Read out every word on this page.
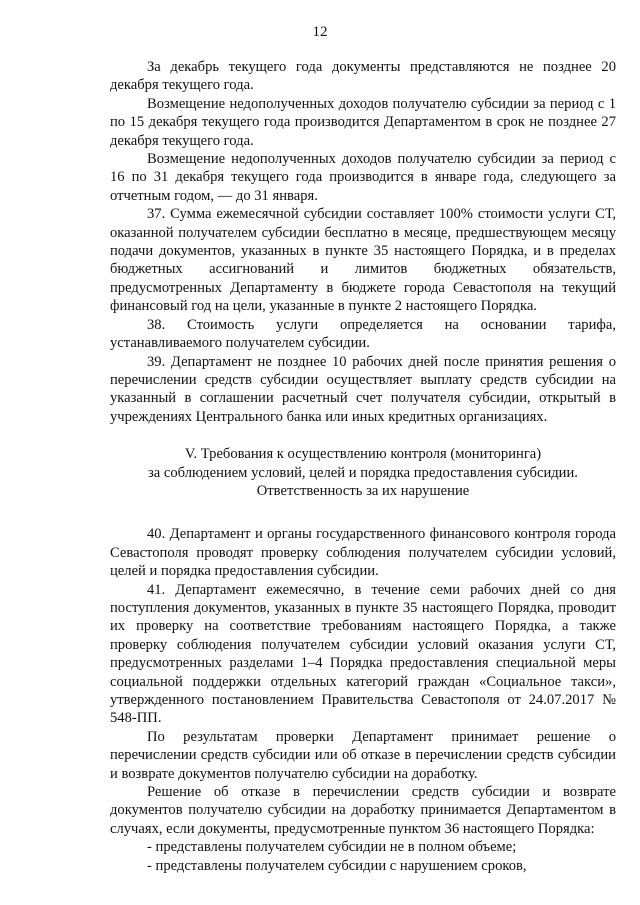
12

За декабрь текущего года документы представляются не позднее 20 декабря текущего года.

Возмещение недополученных доходов получателю субсидии за период с 1 по 15 декабря текущего года производится Департаментом в срок не позднее 27 декабря текущего года.

Возмещение недополученных доходов получателю субсидии за период с 16 по 31 декабря текущего года производится в январе года, следующего за отчетным годом, — до 31 января.

37. Сумма ежемесячной субсидии составляет 100% стоимости услуги СТ, оказанной получателем субсидии бесплатно в месяце, предшествующем месяцу подачи документов, указанных в пункте 35 настоящего Порядка, и в пределах бюджетных ассигнований и лимитов бюджетных обязательств, предусмотренных Департаменту в бюджете города Севастополя на текущий финансовый год на цели, указанные в пункте 2 настоящего Порядка.

38. Стоимость услуги определяется на основании тарифа, устанавливаемого получателем субсидии.

39. Департамент не позднее 10 рабочих дней после принятия решения о перечислении средств субсидии осуществляет выплату средств субсидии на указанный в соглашении расчетный счет получателя субсидии, открытый в учреждениях Центрального банка или иных кредитных организациях.

V. Требования к осуществлению контроля (мониторинга)
за соблюдением условий, целей и порядка предоставления субсидии.
Ответственность за их нарушение

40. Департамент и органы государственного финансового контроля города Севастополя проводят проверку соблюдения получателем субсидии условий, целей и порядка предоставления субсидии.

41. Департамент ежемесячно, в течение семи рабочих дней со дня поступления документов, указанных в пункте 35 настоящего Порядка, проводит их проверку на соответствие требованиям настоящего Порядка, а также проверку соблюдения получателем субсидии условий оказания услуги СТ, предусмотренных разделами 1–4 Порядка предоставления специальной меры социальной поддержки отдельных категорий граждан «Социальное такси», утвержденного постановлением Правительства Севастополя от 24.07.2017 № 548-ПП.

По результатам проверки Департамент принимает решение о перечислении средств субсидии или об отказе в перечислении средств субсидии и возврате документов получателю субсидии на доработку.

Решение об отказе в перечислении средств субсидии и возврате документов получателю субсидии на доработку принимается Департаментом в случаях, если документы, предусмотренные пунктом 36 настоящего Порядка:

- представлены получателем субсидии не в полном объеме;

- представлены получателем субсидии с нарушением сроков,
